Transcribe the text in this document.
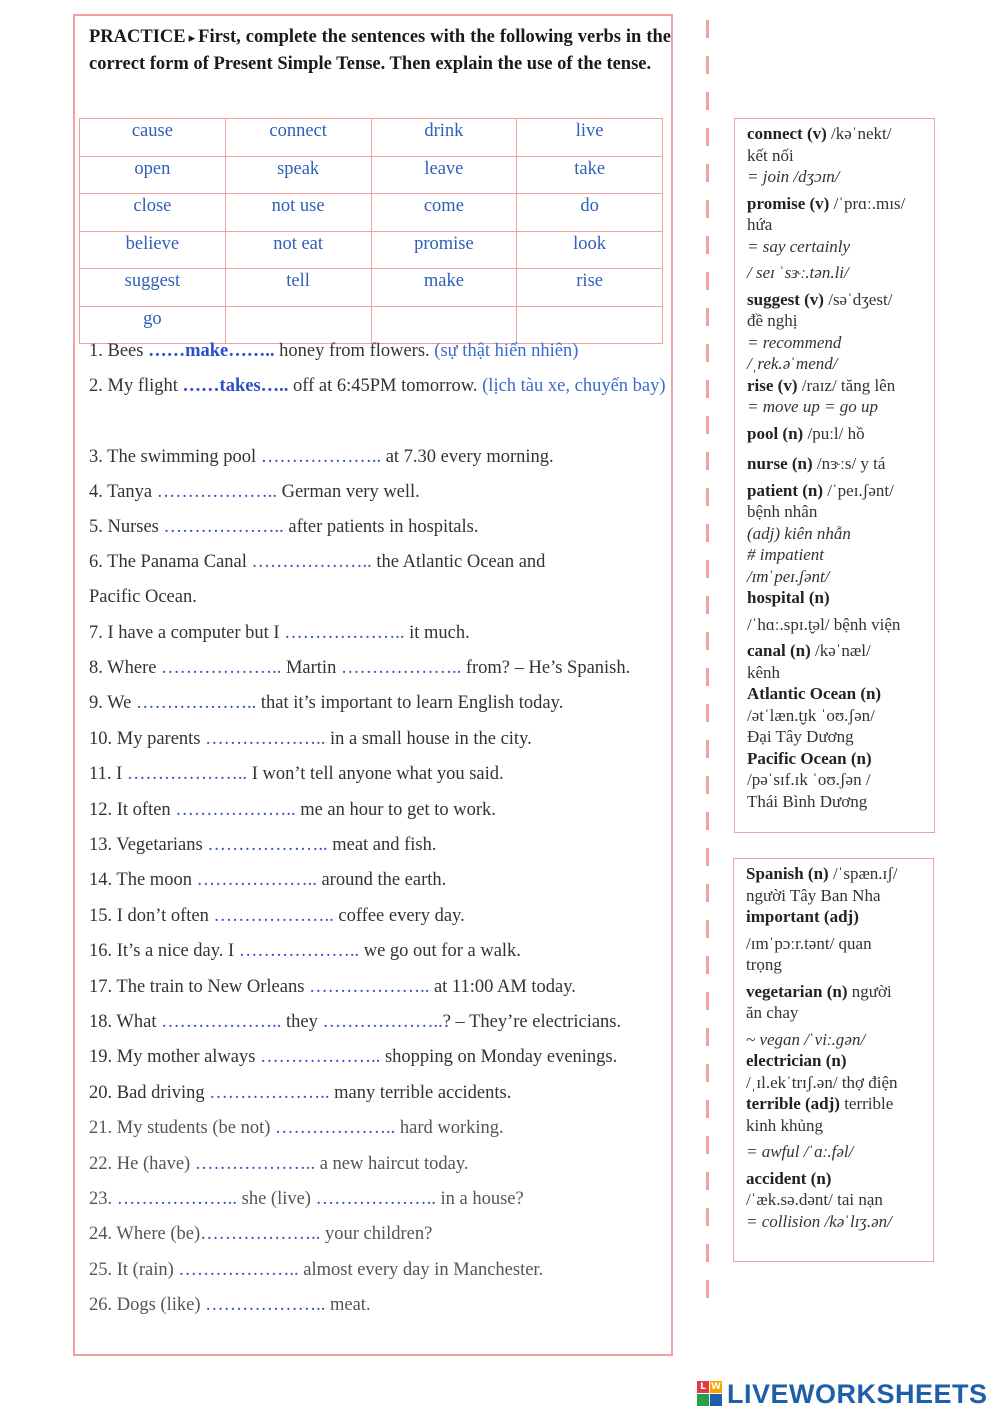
PRACTICE ▸ First, complete the sentences with the following verbs in the correct form of Present Simple Tense. Then explain the use of the tense.
cause	connect	drink	live
open	speak	leave	take
close	not use	come	do
believe	not eat	promise	look
suggest	tell	make	rise
go			
1. Bees ……make…….. honey from flowers. (sự thật hiển nhiên)
2. My flight ……takes….. off at 6:45PM tomorrow. (lịch tàu xe, chuyến bay)
3. The swimming pool ……………….. at 7.30 every morning.
4. Tanya ……………….. German very well.
5. Nurses ……………….. after patients in hospitals.
6. The Panama Canal ……………….. the Atlantic Ocean and
Pacific Ocean.
7. I have a computer but I ……………….. it much.
8. Where ……………….. Martin ……………….. from? – He’s Spanish.
9. We ……………….. that it’s important to learn English today.
10. My parents ……………….. in a small house in the city.
11. I ……………….. I won’t tell anyone what you said.
12. It often ……………….. me an hour to get to work.
13. Vegetarians ……………….. meat and fish.
14. The moon ……………….. around the earth.
15. I don’t often ……………….. coffee every day.
16. It’s a nice day. I ……………….. we go out for a walk.
17. The train to New Orleans ……………….. at 11:00 AM today.
18. What ……………….. they ………………..? – They’re electricians.
19. My mother always ……………….. shopping on Monday evenings.
20. Bad driving ……………….. many terrible accidents.
21. My students (be not) ……………….. hard working.
22. He (have) ……………….. a new haircut today.
23. ……………….. she (live) ……………….. in a house?
24. Where (be)……………….. your children?
25. It (rain) ……………….. almost every day in Manchester.
26. Dogs (like) ……………….. meat.
connect (v) /kəˈnekt/
kết nối
= join /dʒɔɪn/
promise (v) /ˈprɑː.mɪs/
hứa
= say certainly
/ seɪ ˈsɝː.tən.li/
suggest (v) /səˈdʒest/
đề nghị
= recommend
/ˌrek.əˈmend/
rise (v) /raɪz/ tăng lên
= move up = go up
pool (n) /puːl/ hồ
nurse (n) /nɝːs/ y tá
patient (n) /ˈpeɪ.ʃənt/
bệnh nhân
(adj) kiên nhẫn
# impatient
/ɪmˈpeɪ.ʃənt/
hospital (n)
/ˈhɑː.spɪ.t̬əl/ bệnh viện
canal (n) /kəˈnæl/
kênh
Atlantic Ocean (n)
/ətˈlæn.t̬ɪk ˈoʊ.ʃən/
Đại Tây Dương
Pacific Ocean (n)
/pəˈsɪf.ɪk ˈoʊ.ʃən /
Thái Bình Dương
Spanish (n) /ˈspæn.ɪʃ/
người Tây Ban Nha
important (adj)
/ɪmˈpɔːr.tənt/ quan
trọng
vegetarian (n) người
ăn chay
~ vegan /ˈviː.ɡən/
electrician (n)
/ˌɪl.ekˈtrɪʃ.ən/ thợ điện
terrible (adj) terrible
kinh khủng
= awful /ˈɑː.fəl/
accident (n)
/ˈæk.sə.dənt/ tai nạn
= collision /kəˈlɪʒ.ən/
L W LIVEWORKSHEETS
